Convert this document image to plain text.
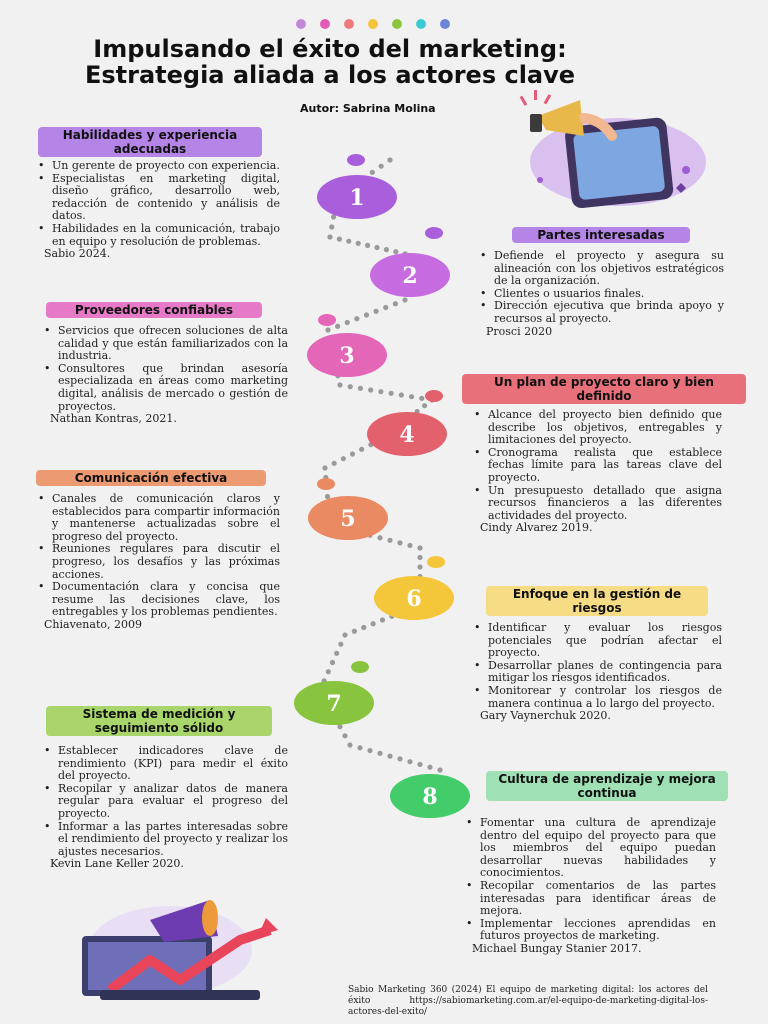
Impulsando el éxito del marketing: Estrategia aliada a los actores clave

Autor: Sabrina Molina

1
2
3
4
5
6
7
8
Habilidades y experiencia adecuadas
• Un gerente de proyecto con experiencia.
• Especialistas en marketing digital, diseño gráfico, desarrollo web, redacción de contenido y análisis de datos.
• Habilidades en la comunicación, trabajo en equipo y resolución de problemas.

Sabio 2024.

Partes interesadas
• Defiende el proyecto y asegura su alineación con los objetivos estratégicos de la organización.
• Clientes o usuarios finales.
• Dirección ejecutiva que brinda apoyo y recursos al proyecto.

Prosci 2020

Proveedores confiables
• Servicios que ofrecen soluciones de alta calidad y que están familiarizados con la industria.
• Consultores que brindan asesoría especializada en áreas como marketing digital, análisis de mercado o gestión de proyectos.

Nathan Kontras, 2021.

Un plan de proyecto claro y bien definido
• Alcance del proyecto bien definido que describe los objetivos, entregables y limitaciones del proyecto.
• Cronograma realista que establece fechas límite para las tareas clave del proyecto.
• Un presupuesto detallado que asigna recursos financieros a las diferentes actividades del proyecto.

Cindy Alvarez 2019.

Comunicación efectiva
• Canales de comunicación claros y establecidos para compartir información y mantenerse actualizadas sobre el progreso del proyecto.
• Reuniones regulares para discutir el progreso, los desafíos y las próximas acciones.
• Documentación clara y concisa que resume las decisiones clave, los entregables y los problemas pendientes.

Chiavenato, 2009

Enfoque en la gestión de riesgos
• Identificar y evaluar los riesgos potenciales que podrían afectar el proyecto.
• Desarrollar planes de contingencia para mitigar los riesgos identificados.
• Monitorear y controlar los riesgos de manera continua a lo largo del proyecto.

Gary Vaynerchuk 2020.

Sistema de medición y seguimiento sólido
• Establecer indicadores clave de rendimiento (KPI) para medir el éxito del proyecto.
• Recopilar y analizar datos de manera regular para evaluar el progreso del proyecto.
• Informar a las partes interesadas sobre el rendimiento del proyecto y realizar los ajustes necesarios.

Kevin Lane Keller 2020.

Cultura de aprendizaje y mejora continua
• Fomentar una cultura de aprendizaje dentro del equipo del proyecto para que los miembros del equipo puedan desarrollar nuevas habilidades y conocimientos.
• Recopilar comentarios de las partes interesadas para identificar áreas de mejora.
• Implementar lecciones aprendidas en futuros proyectos de marketing.

Michael Bungay Stanier 2017.

Sabio Marketing 360 (2024) El equipo de marketing digital: los actores del éxito https://sabiomarketing.com.ar/el-equipo-de-marketing-digital-los-actores-del-exito/
